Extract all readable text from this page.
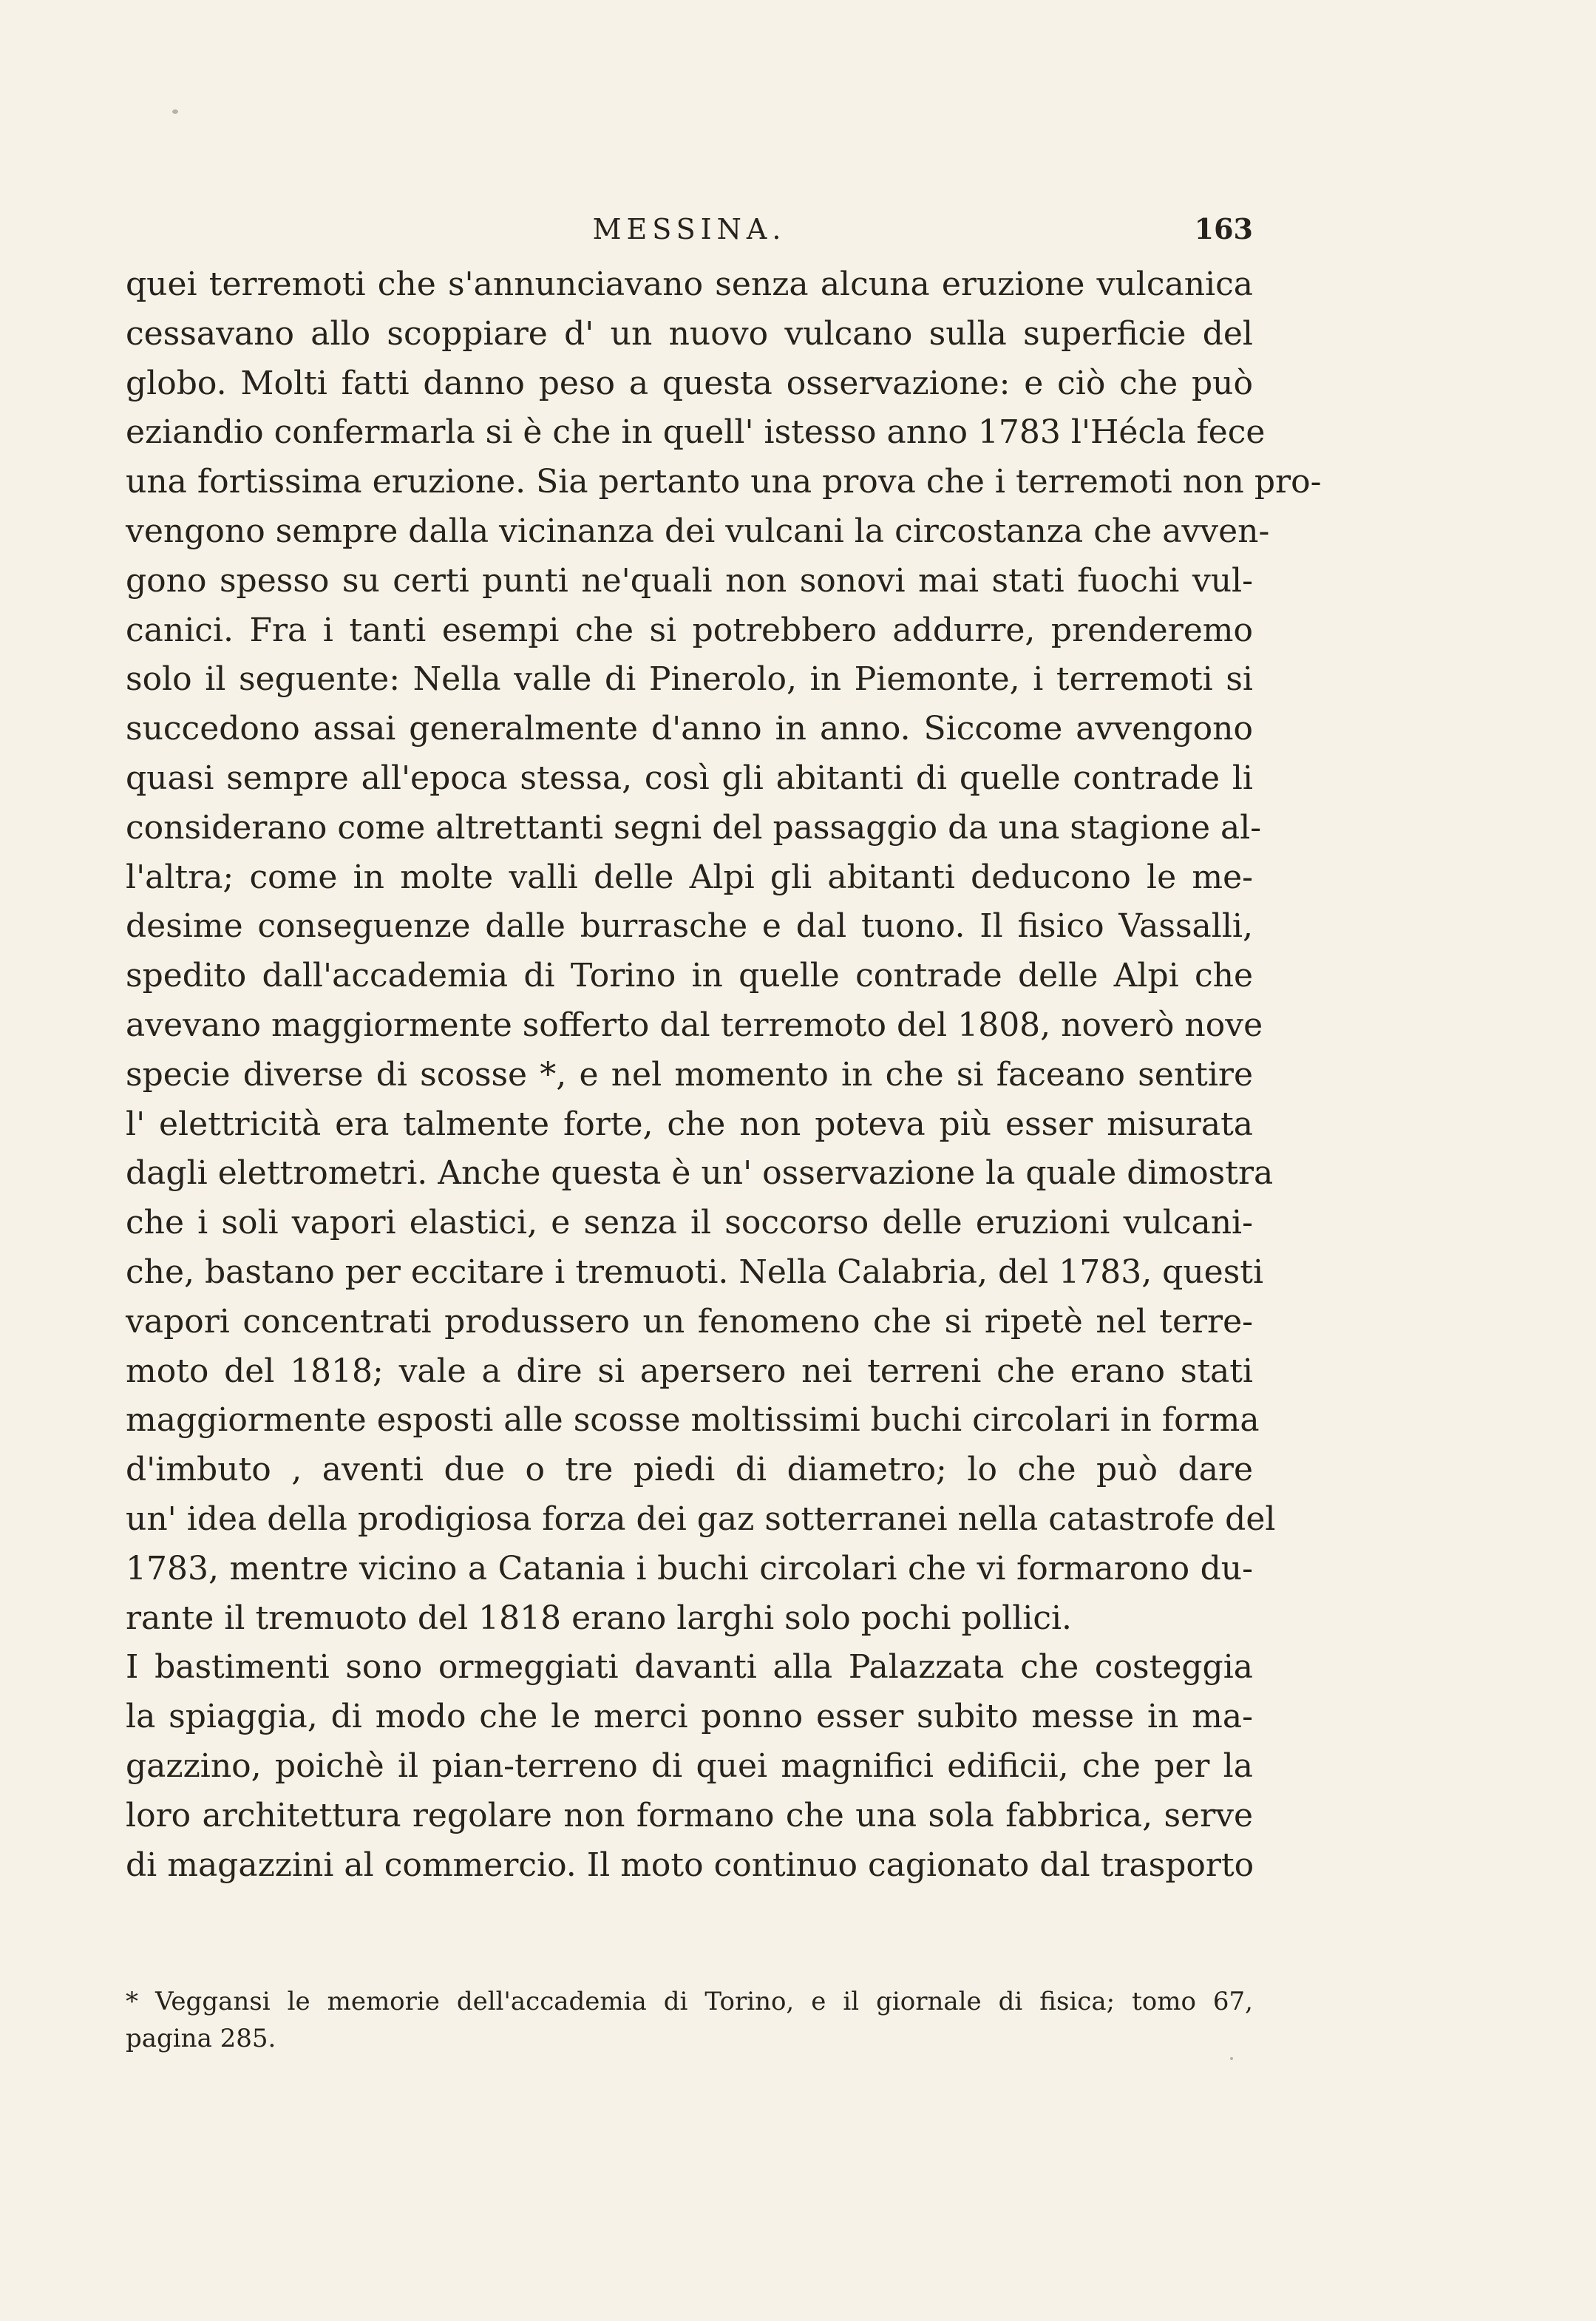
MESSINA.	163
quei terremoti che s'annunciavano senza alcuna eruzione vulcanica
cessavano allo scoppiare d' un nuovo vulcano sulla superficie del
globo. Molti fatti danno peso a questa osservazione: e ciò che può
eziandio confermarla si è che in quell' istesso anno 1783 l'Hécla fece
una fortissima eruzione. Sia pertanto una prova che i terremoti non pro-
vengono sempre dalla vicinanza dei vulcani la circostanza che avven-
gono spesso su certi punti ne'quali non sonovi mai stati fuochi vul-
canici. Fra i tanti esempi che si potrebbero addurre, prenderemo
solo il seguente: Nella valle di Pinerolo, in Piemonte, i terremoti si
succedono assai generalmente d'anno in anno. Siccome avvengono
quasi sempre all'epoca stessa, così gli abitanti di quelle contrade li
considerano come altrettanti segni del passaggio da una stagione al-
l'altra; come in molte valli delle Alpi gli abitanti deducono le me-
desime conseguenze dalle burrasche e dal tuono. Il fisico Vassalli,
spedito dall'accademia di Torino in quelle contrade delle Alpi che
avevano maggiormente sofferto dal terremoto del 1808, noverò nove
specie diverse di scosse *, e nel momento in che si faceano sentire
l' elettricità era talmente forte, che non poteva più esser misurata
dagli elettrometri. Anche questa è un' osservazione la quale dimostra
che i soli vapori elastici, e senza il soccorso delle eruzioni vulcani-
che, bastano per eccitare i tremuoti. Nella Calabria, del 1783, questi
vapori concentrati produssero un fenomeno che si ripetè nel terre-
moto del 1818; vale a dire si apersero nei terreni che erano stati
maggiormente esposti alle scosse moltissimi buchi circolari in forma
d'imbuto , aventi due o tre piedi di diametro; lo che può dare
un' idea della prodigiosa forza dei gaz sotterranei nella catastrofe del
1783, mentre vicino a Catania i buchi circolari che vi formarono du-
rante il tremuoto del 1818 erano larghi solo pochi pollici.
I bastimenti sono ormeggiati davanti alla Palazzata che costeggia
la spiaggia, di modo che le merci ponno esser subito messe in ma-
gazzino, poichè il pian-terreno di quei magnifici edificii, che per la
loro architettura regolare non formano che una sola fabbrica, serve
di magazzini al commercio. Il moto continuo cagionato dal trasporto
* Veggansi le memorie dell'accademia di Torino, e il giornale di fisica; tomo 67,
pagina 285.
